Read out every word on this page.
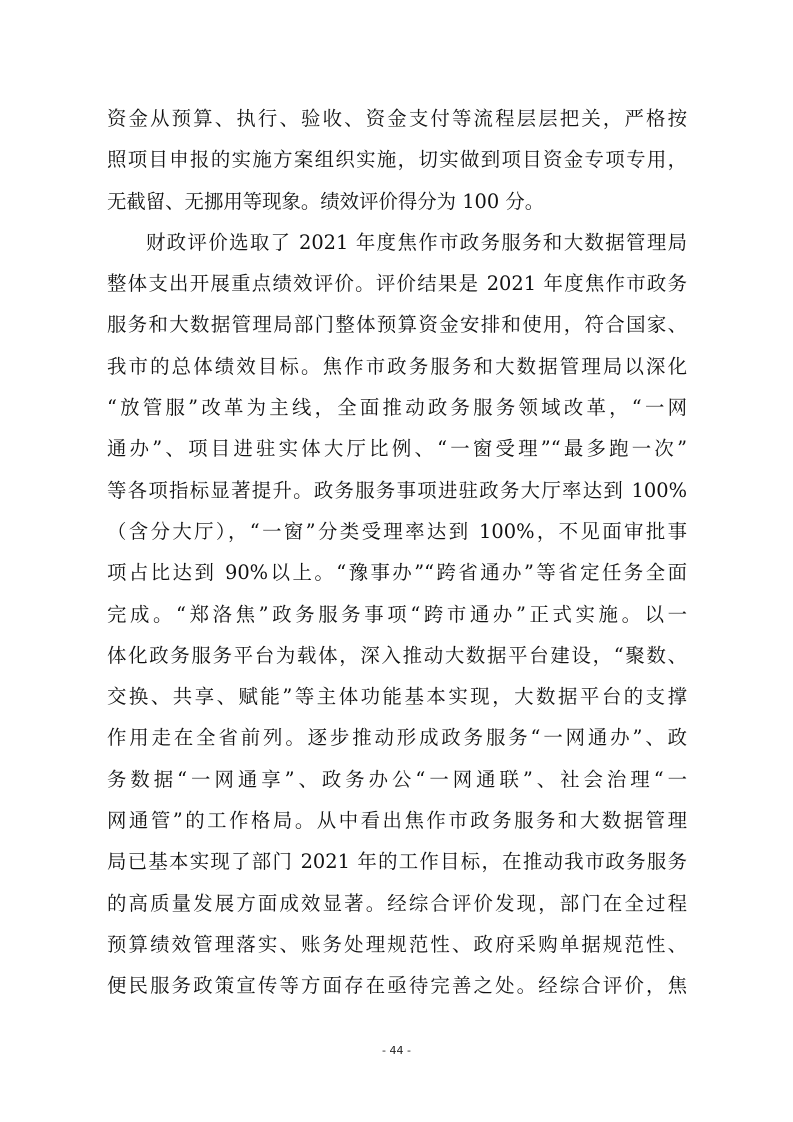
资金从预算、执行、验收、资金支付等流程层层把关，严格按
照项目申报的实施方案组织实施，切实做到项目资金专项专用，
无截留、无挪用等现象。绩效评价得分为 100 分。
财政评价选取了 2021 年度焦作市政务服务和大数据管理局
整体支出开展重点绩效评价。评价结果是 2021 年度焦作市政务
服务和大数据管理局部门整体预算资金安排和使用，符合国家、
我市的总体绩效目标。焦作市政务服务和大数据管理局以深化
“放管服”改革为主线，全面推动政务服务领域改革，“一网
通办”、项目进驻实体大厅比例、“一窗受理”“最多跑一次”
等各项指标显著提升。政务服务事项进驻政务大厅率达到 100%
（含分大厅），“一窗”分类受理率达到 100%，不见面审批事
项占比达到 90%以上。“豫事办”“跨省通办”等省定任务全面
完成。“郑洛焦”政务服务事项“跨市通办”正式实施。以一
体化政务服务平台为载体，深入推动大数据平台建设，“聚数、
交换、共享、赋能”等主体功能基本实现，大数据平台的支撑
作用走在全省前列。逐步推动形成政务服务“一网通办”、政
务数据“一网通享”、政务办公“一网通联”、社会治理“一
网通管”的工作格局。从中看出焦作市政务服务和大数据管理
局已基本实现了部门 2021 年的工作目标，在推动我市政务服务
的高质量发展方面成效显著。经综合评价发现，部门在全过程
预算绩效管理落实、账务处理规范性、政府采购单据规范性、
便民服务政策宣传等方面存在亟待完善之处。经综合评价，焦
- 44 -
